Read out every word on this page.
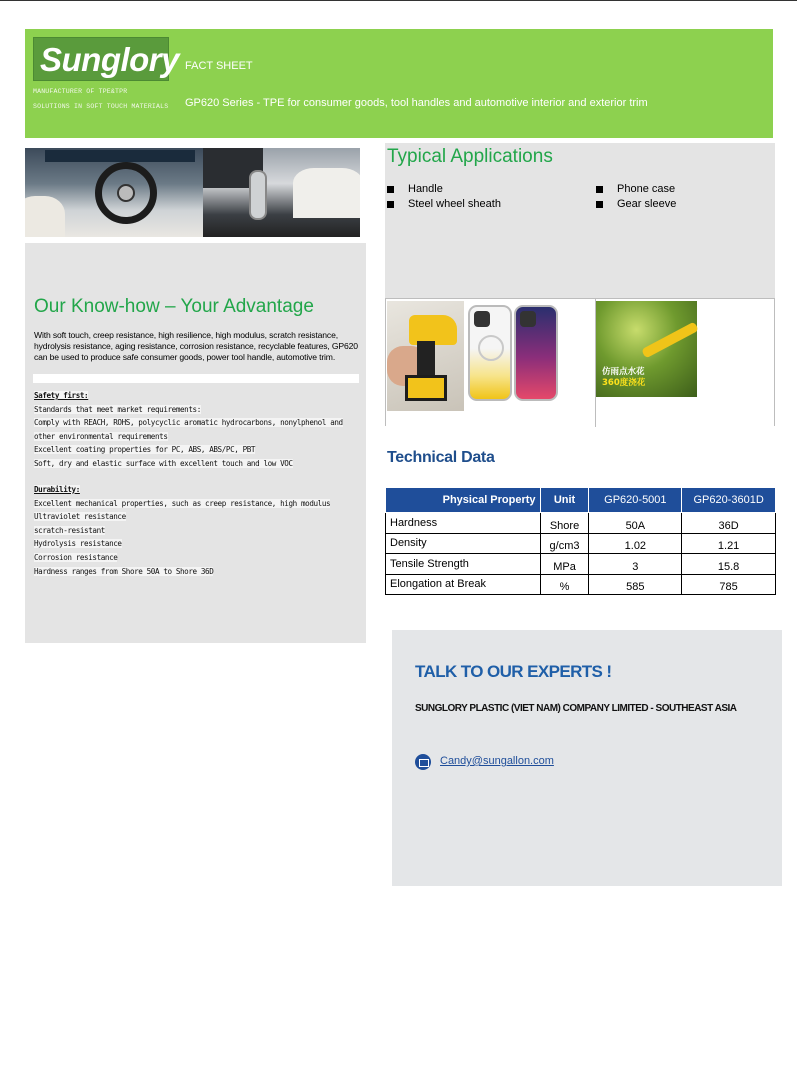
Sunglory
MANUFACTURER OF TPE&TPR
SOLUTIONS IN SOFT TOUCH MATERIALS
FACT SHEET
GP620 Series - TPE for consumer goods, tool handles and automotive interior and exterior trim
Our Know-how – Your Advantage
With soft touch, creep resistance, high resilience, high modulus, scratch resistance, hydrolysis resistance, aging resistance, corrosion resistance, recyclable features, GP620 can be used to produce safe consumer goods, power tool handle, automotive trim.
Safety first:
Standards that meet market requirements:
Comply with REACH, ROHS, polycyclic aromatic hydrocarbons, nonylphenol and other environmental requirements
Excellent coating properties for PC, ABS, ABS/PC, PBT
Soft, dry and elastic surface with excellent touch and low VOC
Durability:
Excellent mechanical properties, such as creep resistance, high modulus
Ultraviolet resistance
scratch-resistant
Hydrolysis resistance
Corrosion resistance
Hardness ranges from Shore 50A to Shore 36D
Typical Applications
Handle
Steel wheel sheath
Phone case
Gear sleeve
仿雨点水花
360度浇花
Technical Data
Physical Property	Unit	GP620-5001	GP620-3601D
Hardness	Shore	50A	36D
Density	g/cm3	1.02	1.21
Tensile Strength	MPa	3	15.8
Elongation at Break	%	585	785
TALK TO OUR EXPERTS !
SUNGLORY PLASTIC (VIET NAM) COMPANY LIMITED - SOUTHEAST ASIA
Candy@sungallon.com
